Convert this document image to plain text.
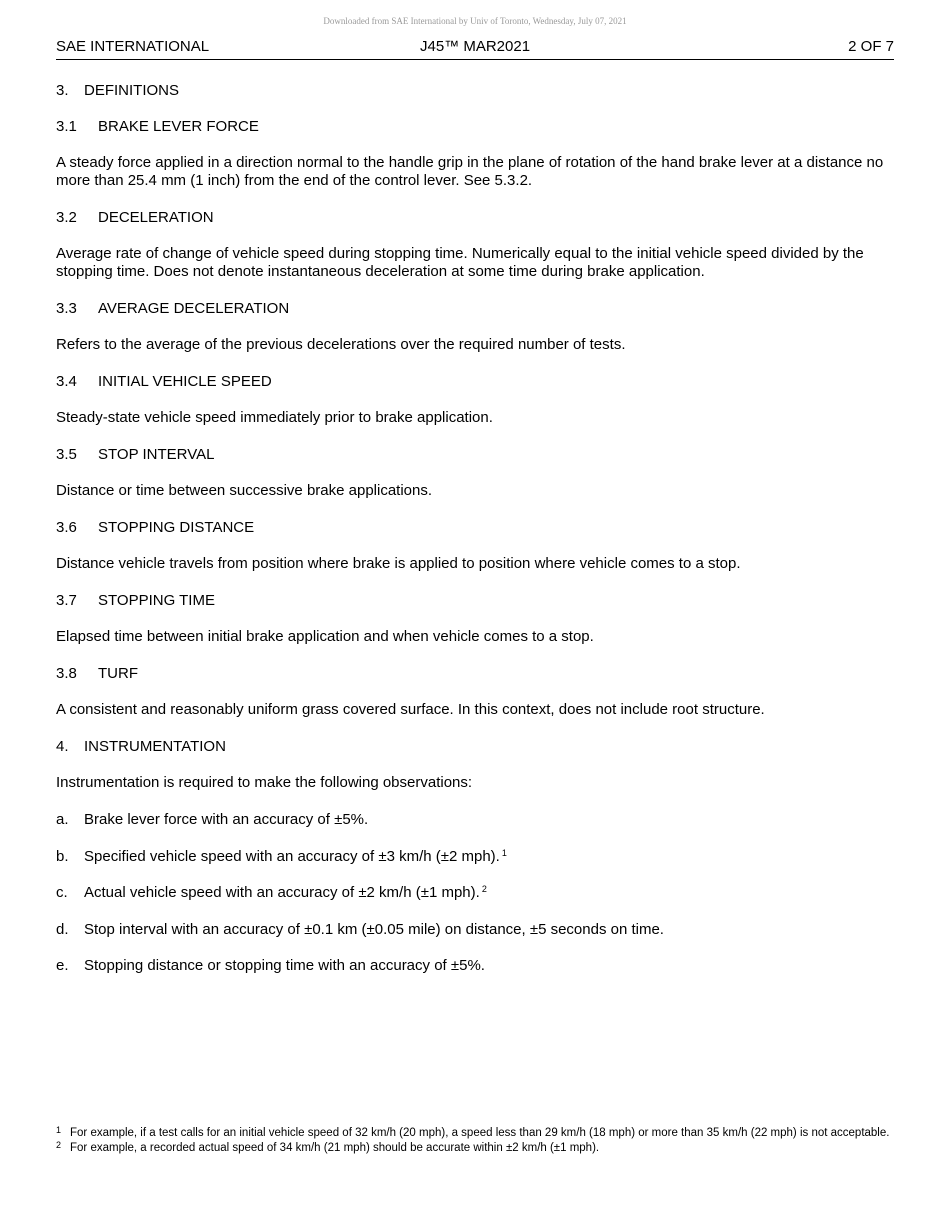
Downloaded from SAE International by Univ of Toronto, Wednesday, July 07, 2021
SAE INTERNATIONAL	J45™ MAR2021	2 OF 7
3. DEFINITIONS
3.1 BRAKE LEVER FORCE
A steady force applied in a direction normal to the handle grip in the plane of rotation of the hand brake lever at a distance no more than 25.4 mm (1 inch) from the end of the control lever. See 5.3.2.
3.2 DECELERATION
Average rate of change of vehicle speed during stopping time. Numerically equal to the initial vehicle speed divided by the stopping time. Does not denote instantaneous deceleration at some time during brake application.
3.3 AVERAGE DECELERATION
Refers to the average of the previous decelerations over the required number of tests.
3.4 INITIAL VEHICLE SPEED
Steady-state vehicle speed immediately prior to brake application.
3.5 STOP INTERVAL
Distance or time between successive brake applications.
3.6 STOPPING DISTANCE
Distance vehicle travels from position where brake is applied to position where vehicle comes to a stop.
3.7 STOPPING TIME
Elapsed time between initial brake application and when vehicle comes to a stop.
3.8 TURF
A consistent and reasonably uniform grass covered surface. In this context, does not include root structure.
4. INSTRUMENTATION
Instrumentation is required to make the following observations:
a. Brake lever force with an accuracy of ±5%.
b. Specified vehicle speed with an accuracy of ±3 km/h (±2 mph). $^1$
c. Actual vehicle speed with an accuracy of ±2 km/h (±1 mph). $^2$
d. Stop interval with an accuracy of ±0.1 km (±0.05 mile) on distance, ±5 seconds on time.
e. Stopping distance or stopping time with an accuracy of ±5%.
1 For example, if a test calls for an initial vehicle speed of 32 km/h (20 mph), a speed less than 29 km/h (18 mph) or more than 35 km/h (22 mph) is not acceptable.
2 For example, a recorded actual speed of 34 km/h (21 mph) should be accurate within ±2 km/h (±1 mph).
